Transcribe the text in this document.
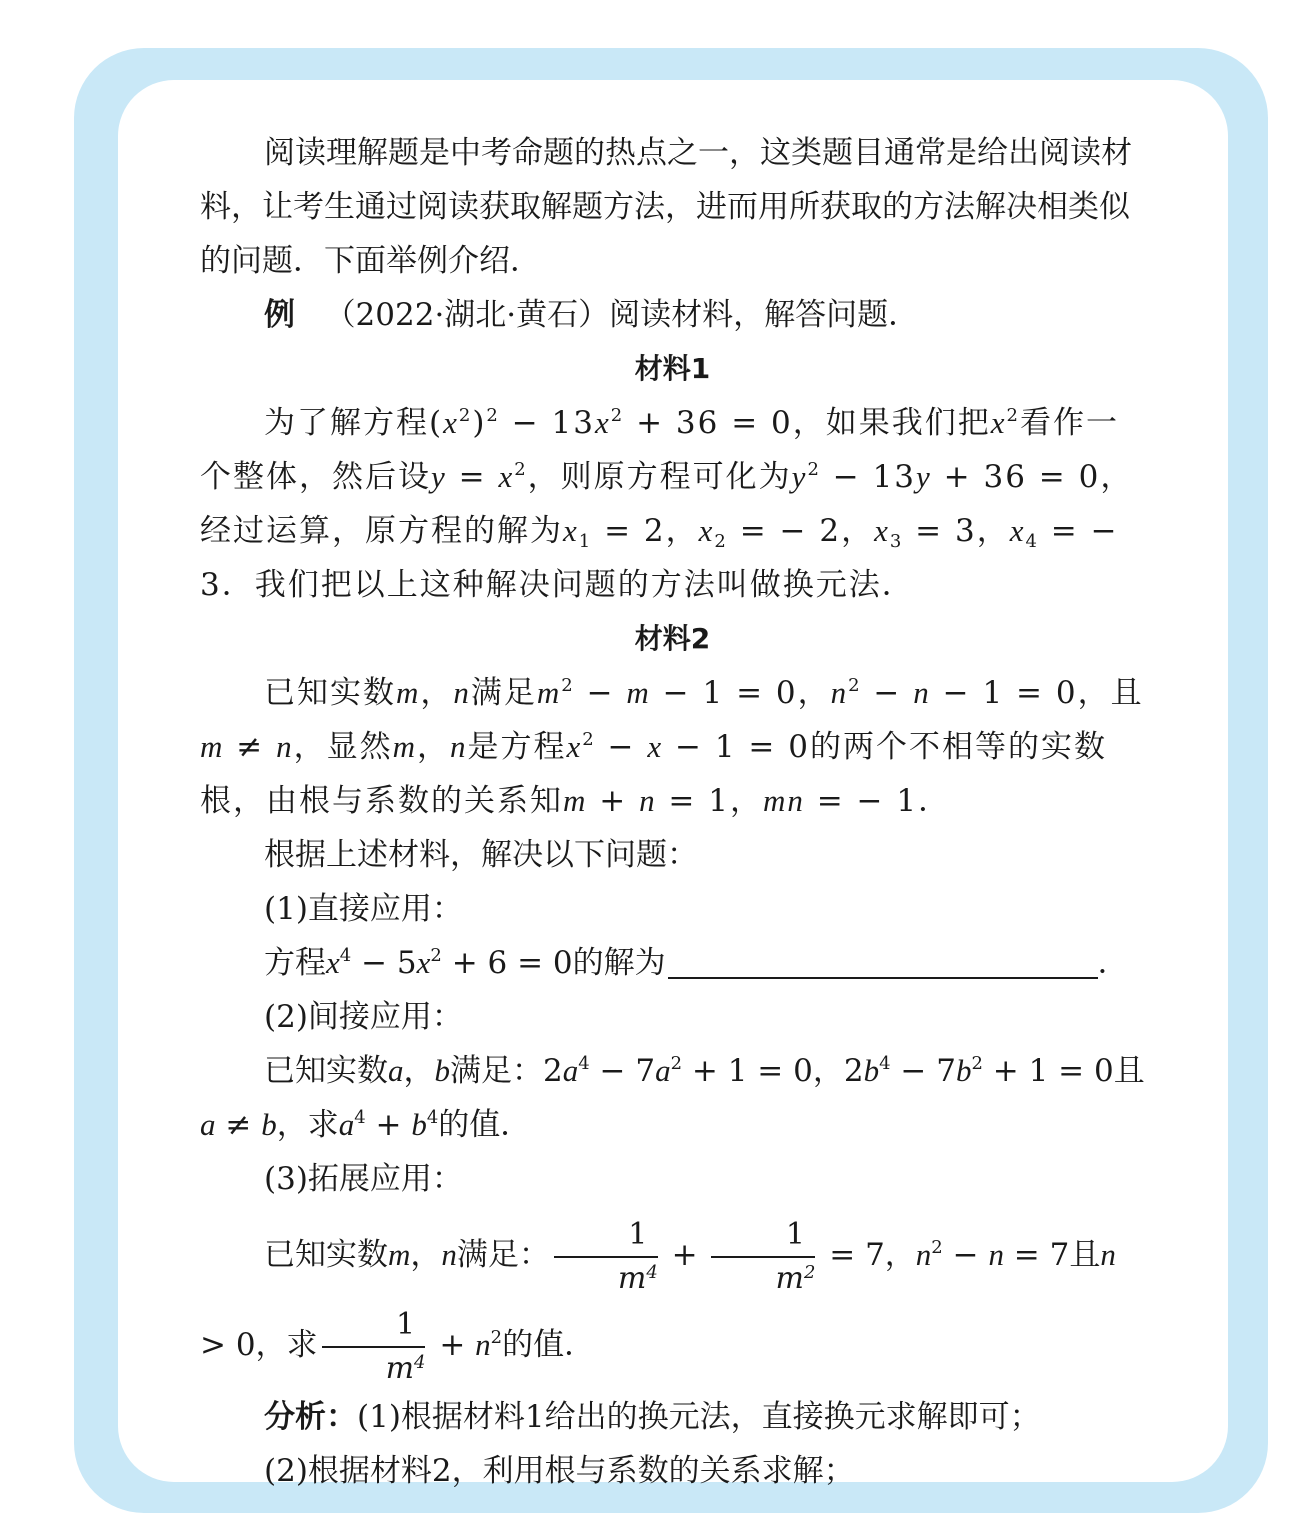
阅读理解题是中考命题的热点之一，这类题目通常是给出阅读材料，让考生通过阅读获取解题方法，进而用所获取的方法解决相类似的问题．下面举例介绍．

例 （2022·湖北·黄石）阅读材料，解答问题．

材料1

为了解方程$(x^2)^2 - 13x^2 + 36 = 0$，如果我们把$x^2$看作一个整体，然后设$y = x^2$，则原方程可化为$y^2 - 13y + 36 = 0$，经过运算，原方程的解为$x_1 = 2$，$x_2$ = − 2，$x_3 = 3$，$x_4$ = − 3．我们把以上这种解决问题的方法叫做换元法．

材料2

已知实数m，n满足$m^2 - m - 1 = 0$，$n^2 - n - 1 = 0$，且m ≠ n，显然m，n是方程$x^2 - x - 1 = 0$的两个不相等的实数根，由根与系数的关系知m + n = 1，mn = − 1．

根据上述材料，解决以下问题：

(1)直接应用：

方程$x^4 - 5x^2 + 6 = 0$的解为	．

(2)间接应用：

已知实数a，b满足：$2a^4 - 7a^2 + 1 = 0$，$2b^4 - 7b^2 + 1 = 0$且a ≠ b，求$a^4 + b^4$的值．

(3)拓展应用：

已知实数m，n满足： $\frac{1}{m^4} + \frac{1}{m^2} = 7$，$n^2 - n = 7$且n > 0，求 $\frac{1}{m^4} + n^2$的值．

分析：(1)根据材料1给出的换元法，直接换元求解即可；

(2)根据材料2，利用根与系数的关系求解；
